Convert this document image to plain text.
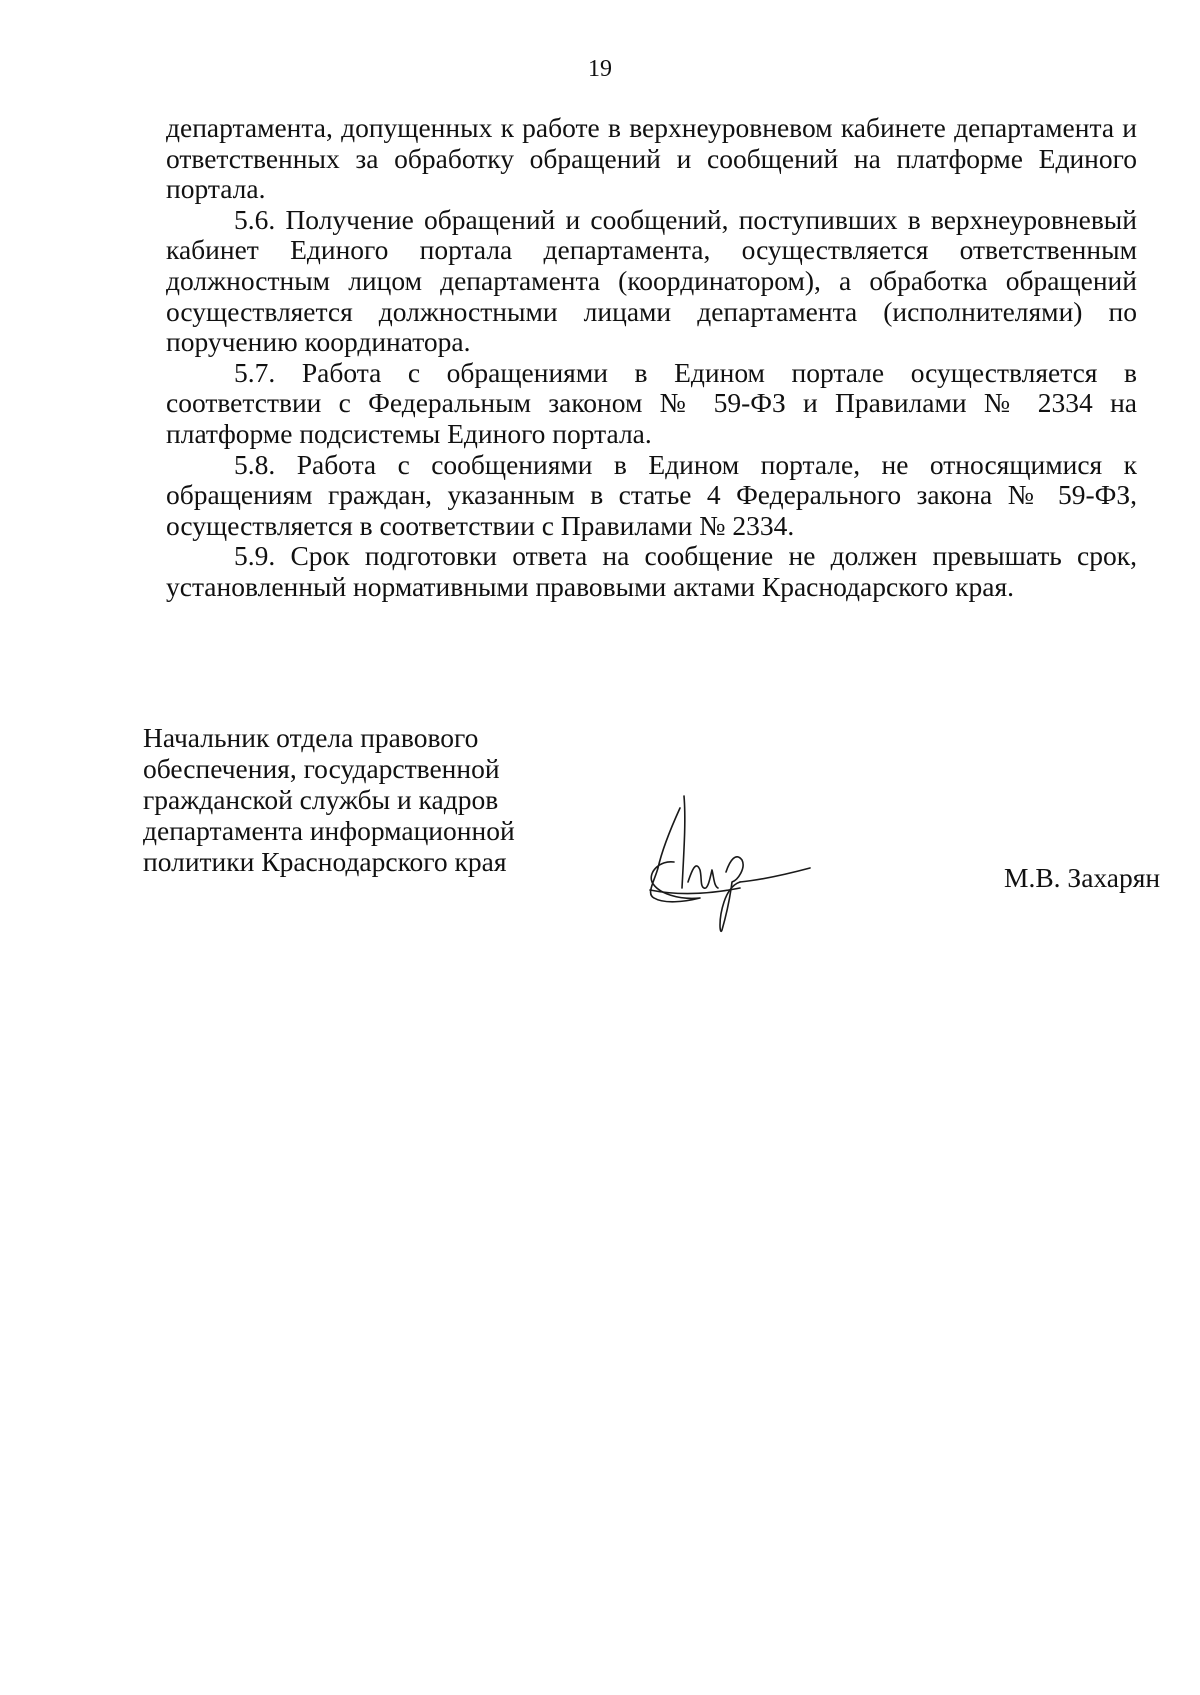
19

департамента, допущенных к работе в верхнеуровневом кабинете департамента и ответственных за обработку обращений и сообщений на платформе Единого портала.

5.6. Получение обращений и сообщений, поступивших в верхнеуровневый кабинет Единого портала департамента, осуществляется ответственным должностным лицом департамента (координатором), а обработка обращений осуществляется должностными лицами департамента (исполнителями) по поручению координатора.

5.7. Работа с обращениями в Едином портале осуществляется в соответствии с Федеральным законом № 59-ФЗ и Правилами № 2334 на платформе подсистемы Единого портала.

5.8. Работа с сообщениями в Едином портале, не относящимися к обращениям граждан, указанным в статье 4 Федерального закона № 59-ФЗ, осуществляется в соответствии с Правилами № 2334.

5.9. Срок подготовки ответа на сообщение не должен превышать срок, установленный нормативными правовыми актами Краснодарского края.

Начальник отдела правового
обеспечения, государственной
гражданской службы и кадров
департамента информационной
политики Краснодарского края
М.В. Захарян
